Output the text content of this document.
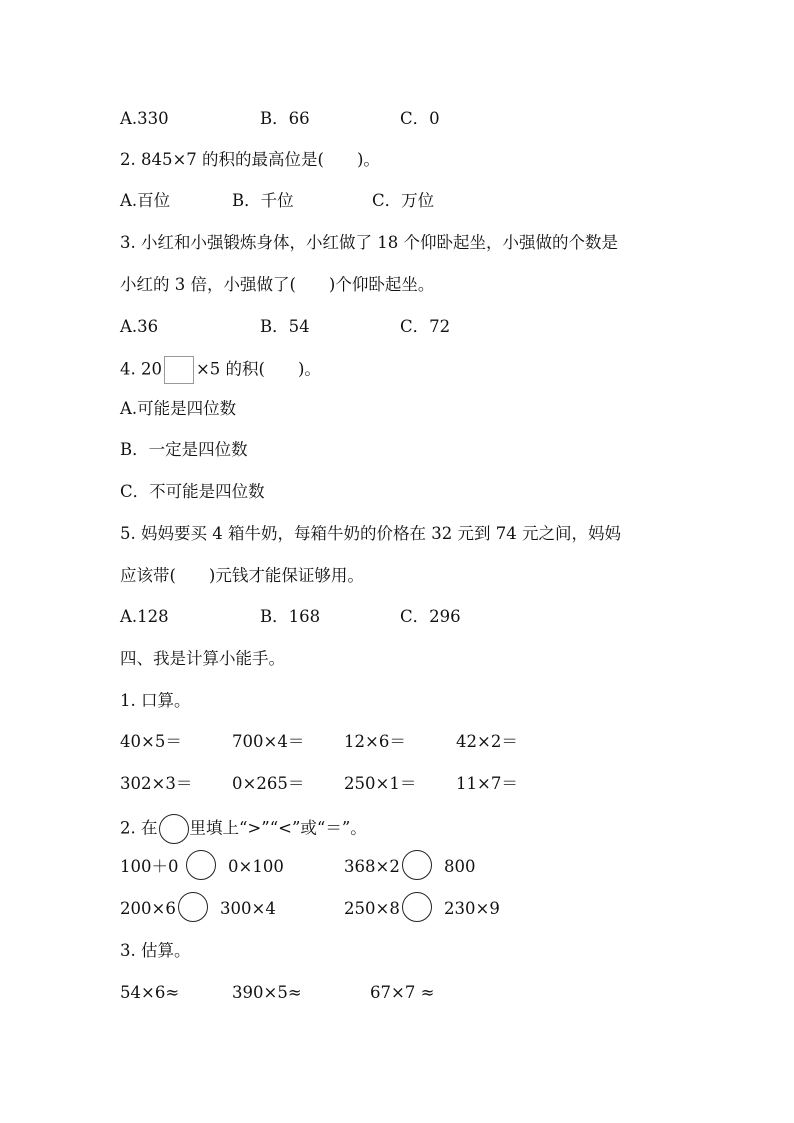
A.330	B．66	C．0
2. 845×7 的积的最高位是(　　)。
A.百位	B．千位	C．万位
3. 小红和小强锻炼身体，小红做了 18 个仰卧起坐，小强做的个数是
小红的 3 倍，小强做了(　　)个仰卧起坐。
A.36	B．54	C．72
4. 20 ×5 的积(　　)。
A.可能是四位数
B．一定是四位数
C．不可能是四位数
5. 妈妈要买 4 箱牛奶，每箱牛奶的价格在 32 元到 74 元之间，妈妈
应该带(　　)元钱才能保证够用。
A.128	B．168	C．296
四、我是计算小能手。
1. 口算。
40×5＝	700×4＝ 12×6＝	42×2＝
302×3＝ 0×265＝ 250×1＝ 11×7＝
2. 在 里填上“>”“<”或“＝”。
100＋0	0×100	368×2	800
200×6	300×4	250×8	230×9
3. 估算。
54×6≈	390×5≈	67×7 ≈
